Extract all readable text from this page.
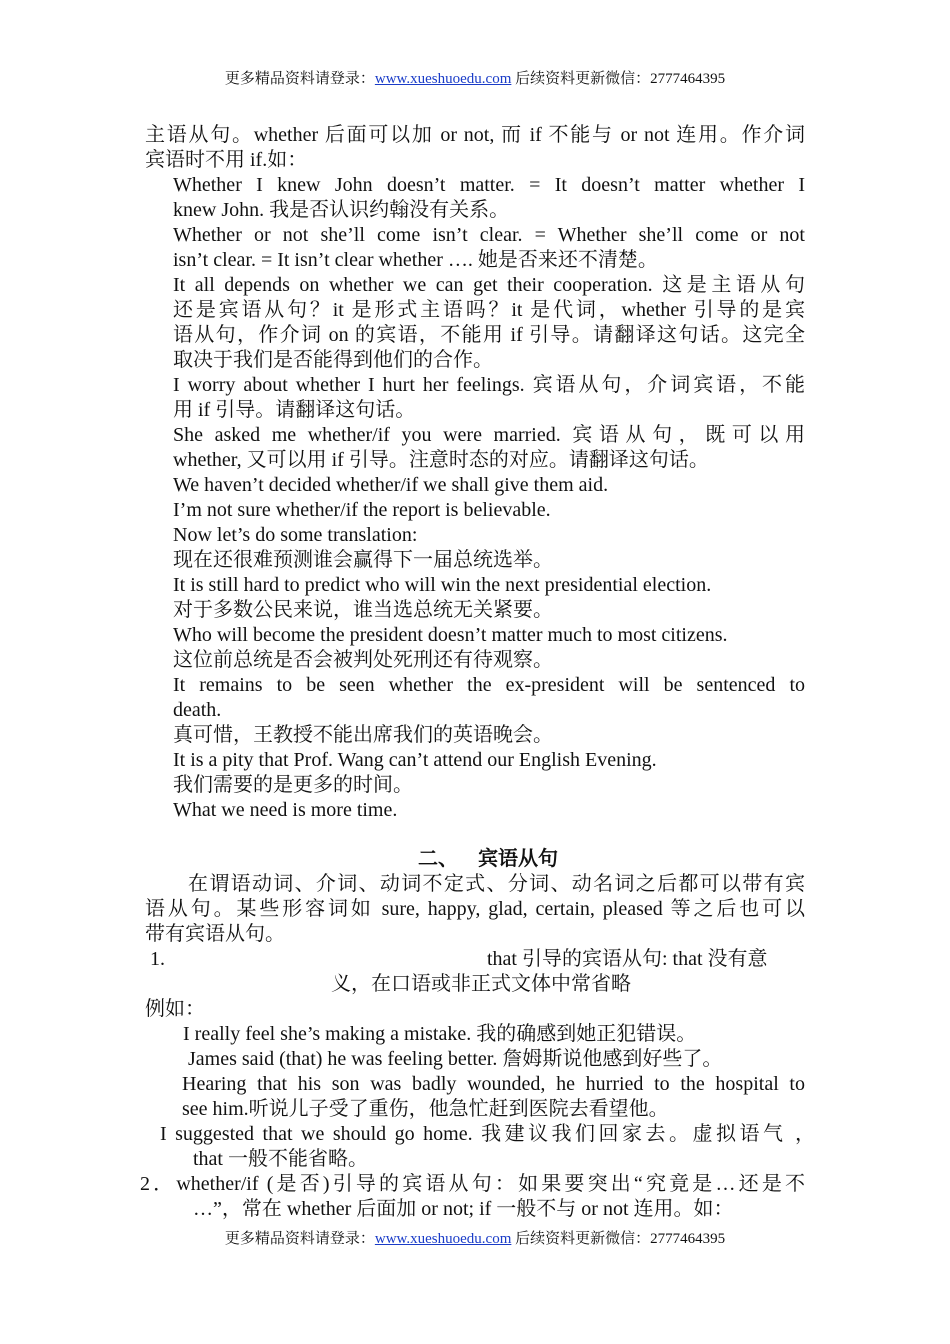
更多精品资料请登录：www.xueshuoedu.com 后续资料更新微信：2777464395
主语从句。whether 后面可以加 or not, 而 if 不能与 or not 连用。作介词
宾语时不用 if.如：
Whether I knew John doesn’t matter. = It doesn’t matter whether I
knew John. 我是否认识约翰没有关系。
Whether or not she’ll come isn’t clear. = Whether she’ll come or not
isn’t clear. = It isn’t clear whether …. 她是否来还不清楚。
It all depends on whether we can get their cooperation. 这是主语从句
还是宾语从句？it 是形式主语吗？it 是代词，whether 引导的是宾
语从句，作介词 on 的宾语，不能用 if 引导。请翻译这句话。这完全
取决于我们是否能得到他们的合作。
I worry about whether I hurt her feelings. 宾语从句，介词宾语，不能
用 if 引导。请翻译这句话。
She asked me whether/if you were married. 宾语从句，既可以用
whether, 又可以用 if 引导。注意时态的对应。请翻译这句话。
We haven’t decided whether/if we shall give them aid.
I’m not sure whether/if the report is believable.
Now let’s do some translation:
现在还很难预测谁会赢得下一届总统选举。
It is still hard to predict who will win the next presidential election.
对于多数公民来说，谁当选总统无关紧要。
Who will become the president doesn’t matter much to most citizens.
这位前总统是否会被判处死刑还有待观察。
It remains to be seen whether the ex-president will be sentenced to
death.
真可惜，王教授不能出席我们的英语晚会。
It is a pity that Prof. Wang can’t attend our English Evening.
我们需要的是更多的时间。
What we need is more time.
二、    宾语从句
在谓语动词、介词、动词不定式、分词、动名词之后都可以带有宾
语从句。某些形容词如 sure, happy, glad, certain, pleased 等之后也可以
带有宾语从句。
1.	that 引导的宾语从句: that 没有意
义，在口语或非正式文体中常省略
例如：
I really feel she’s making a mistake. 我的确感到她正犯错误。
James said (that) he was feeling better. 詹姆斯说他感到好些了。
Hearing that his son was badly wounded, he hurried to the hospital to
see him.听说儿子受了重伤，他急忙赶到医院去看望他。
I suggested that we should go home. 我建议我们回家去。虚拟语气 ，
that 一般不能省略。
2．whether/if (是否)引导的宾语从句：如果要突出“究竟是…还是不
…”，常在 whether 后面加 or not; if 一般不与 or not 连用。如：
更多精品资料请登录：www.xueshuoedu.com 后续资料更新微信：2777464395
